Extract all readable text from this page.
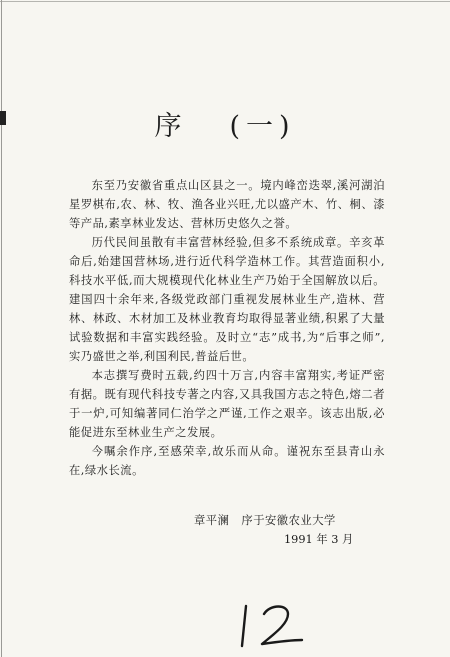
序 (一)

东至乃安徽省重点山区县之一。境内峰峦迭翠,溪河湖泊星罗棋布,农、林、牧、渔各业兴旺,尤以盛产木、竹、桐、漆等产品,素享林业发达、营林历史悠久之誉。

历代民间虽散有丰富营林经验,但多不系统成章。辛亥革命后,始建国营林场,进行近代科学造林工作。其营造面积小,科技水平低,而大规模现代化林业生产乃始于全国解放以后。建国四十余年来,各级党政部门重视发展林业生产,造林、营林、林政、木材加工及林业教育均取得显著业绩,积累了大量试验数据和丰富实践经验。及时立“志”成书,为“后事之师”,实乃盛世之举,利国利民,普益后世。

本志撰写费时五载,约四十万言,内容丰富翔实,考证严密有据。既有现代科技专著之内容,又具我国方志之特色,熔二者于一炉,可知编著同仁治学之严谨,工作之艰辛。该志出版,必能促进东至林业生产之发展。

今嘱余作序,至感荣幸,故乐而从命。谨祝东至县青山永在,绿水长流。

章平澜 序于安徽农业大学
1991 年 3 月
